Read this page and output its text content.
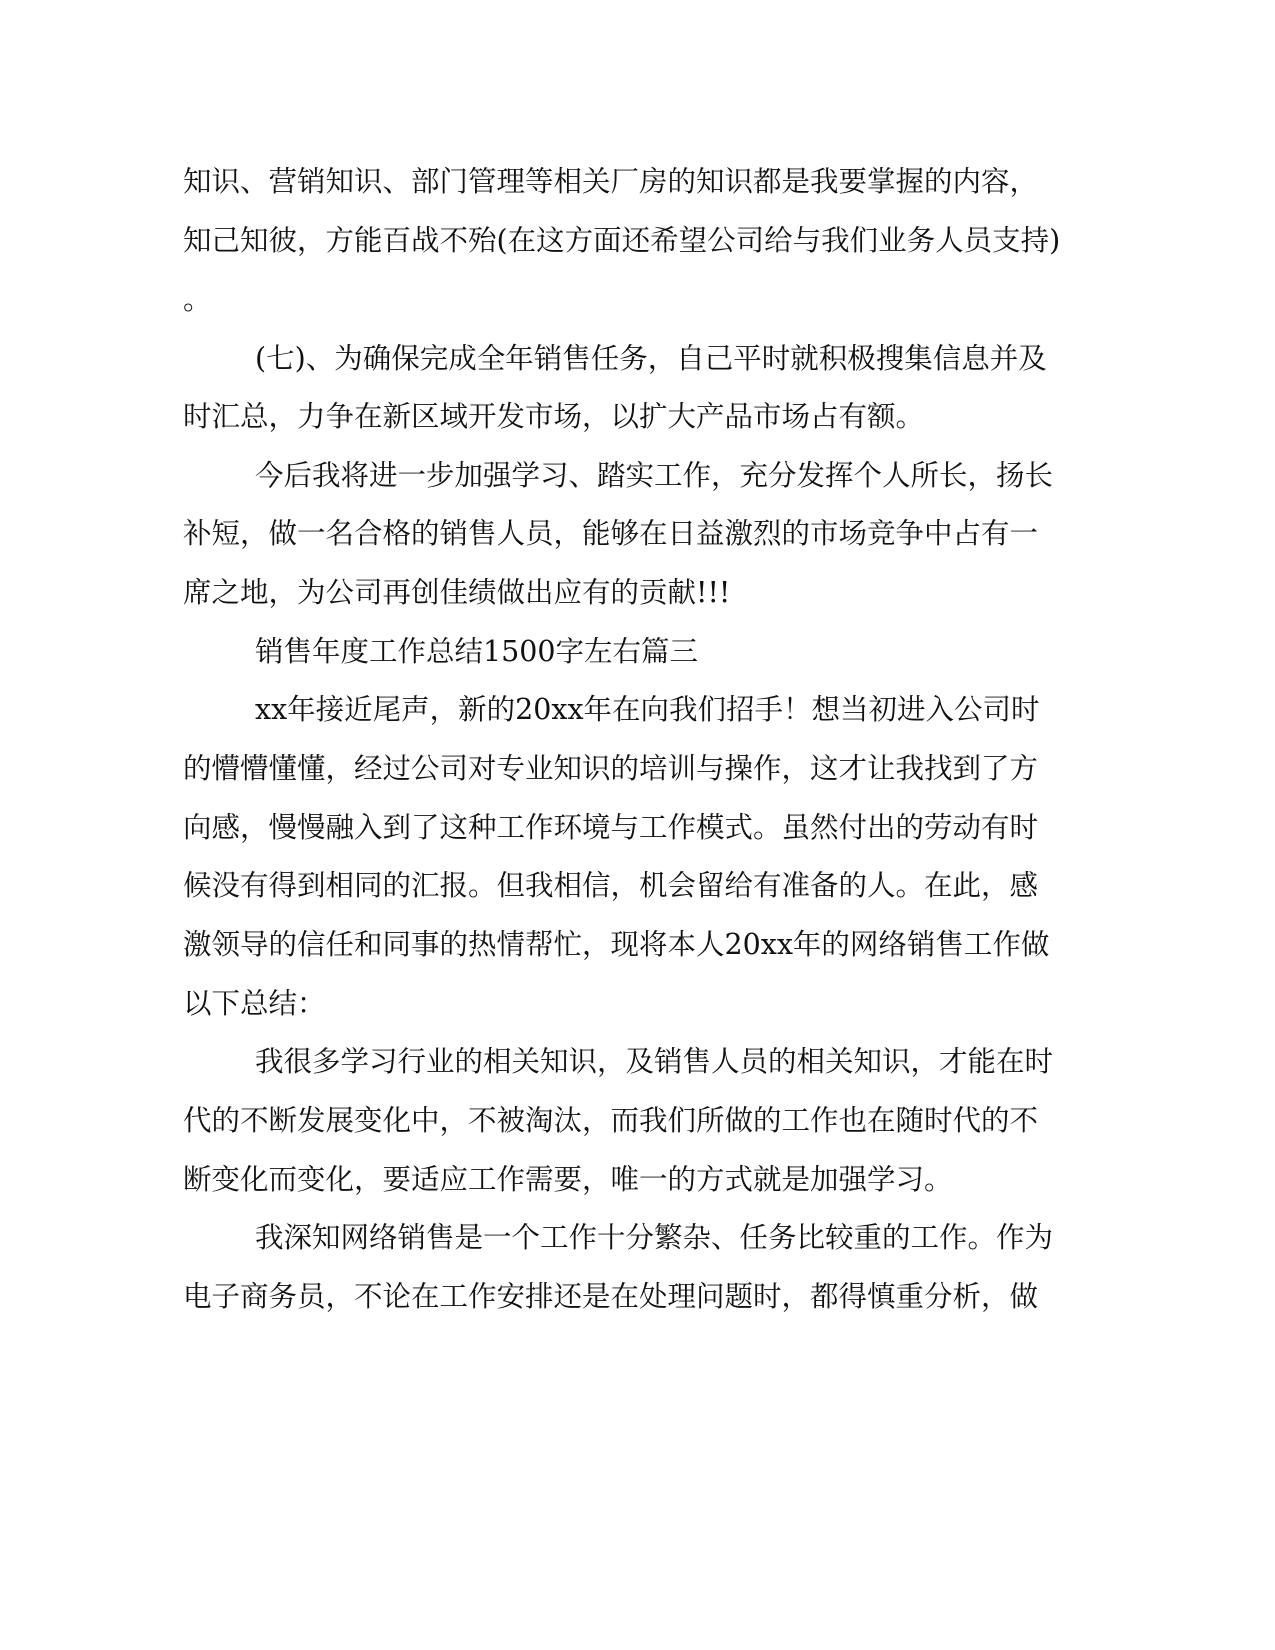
知识、营销知识、部门管理等相关厂房的知识都是我要掌握的内容，
知己知彼，方能百战不殆(在这方面还希望公司给与我们业务人员支持)
。
(七)、为确保完成全年销售任务，自己平时就积极搜集信息并及
时汇总，力争在新区域开发市场，以扩大产品市场占有额。
今后我将进一步加强学习、踏实工作，充分发挥个人所长，扬长
补短，做一名合格的销售人员，能够在日益激烈的市场竞争中占有一
席之地，为公司再创佳绩做出应有的贡献!!!
销售年度工作总结1500字左右篇三
xx年接近尾声，新的20xx年在向我们招手！想当初进入公司时
的懵懵懂懂，经过公司对专业知识的培训与操作，这才让我找到了方
向感，慢慢融入到了这种工作环境与工作模式。虽然付出的劳动有时
候没有得到相同的汇报。但我相信，机会留给有准备的人。在此，感
激领导的信任和同事的热情帮忙，现将本人20xx年的网络销售工作做
以下总结：
我很多学习行业的相关知识，及销售人员的相关知识，才能在时
代的不断发展变化中，不被淘汰，而我们所做的工作也在随时代的不
断变化而变化，要适应工作需要，唯一的方式就是加强学习。
我深知网络销售是一个工作十分繁杂、任务比较重的工作。作为
电子商务员，不论在工作安排还是在处理问题时，都得慎重分析，做
